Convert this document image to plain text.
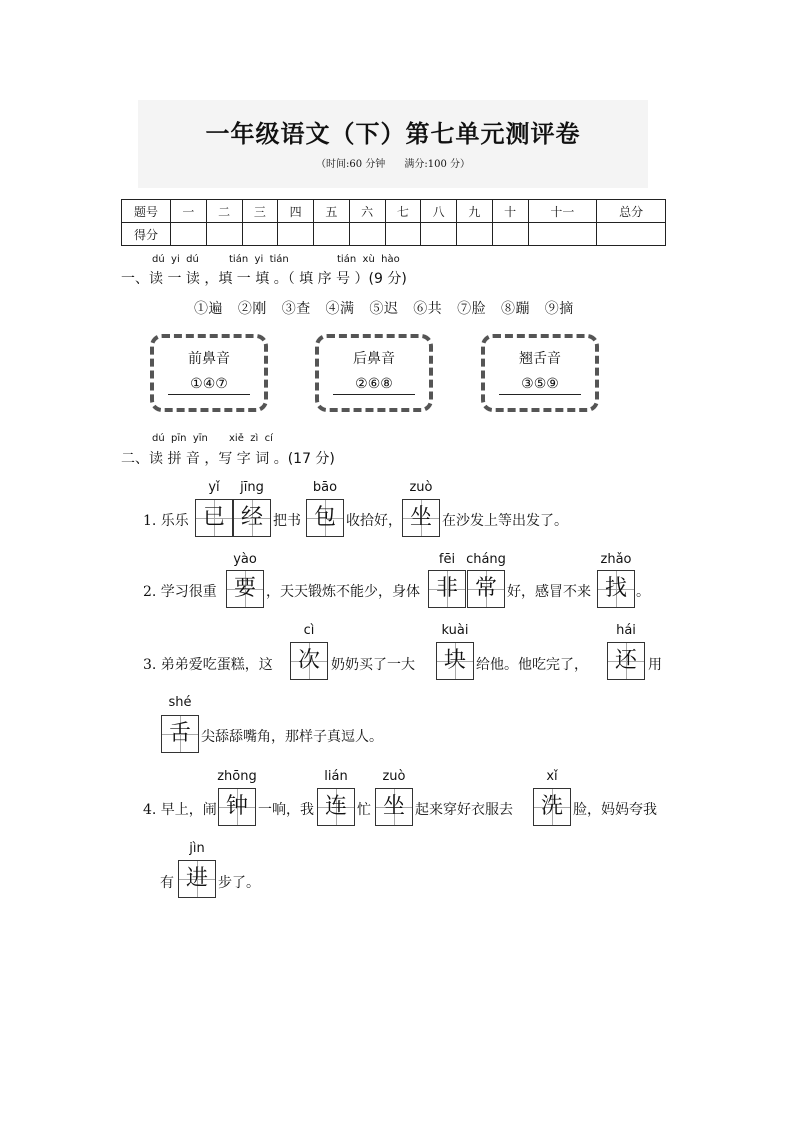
一年级语文（下）第七单元测评卷
（时间:60 分钟      满分:100 分）
题号	一	二	三	四	五	六	七	八	九	十	十一	总分
得分												
dú  yi  dú	tián  yi  tián	tián  xù  hào
一、读 一 读 ，填 一 填 。（ 填 序 号 ）(9 分)
①遍   ②刚   ③查   ④满   ⑤迟   ⑥共   ⑦脸   ⑧蹦   ⑨摘
前鼻音
①④⑦
后鼻音
②⑥⑧
翘舌音
③⑤⑨
dú  pīn  yīn xiě  zì  cí
二、读 拼 音 ，写 字 词 。(17 分)
yǐ	jīng	bāo	zuò
1. 乐乐 已 经 把书 包 收拾好， 坐 在沙发上等出发了。
yào	fēi cháng	zhǎo
2. 学习很重 要 ，天天锻炼不能少，身体 非 常 好，感冒不来 找 。
cì	kuài	hái
3. 弟弟爱吃蛋糕，这	次 奶奶买了一大	块 给他。他吃完了，	还 用
shé
舌 尖舔舔嘴角，那样子真逗人。
zhōng	lián	zuò	xǐ
4. 早上，闹 钟 一响，我 连 忙 坐 起来穿好衣服去	洗 脸，妈妈夸我
jìn
有 进 步了。
